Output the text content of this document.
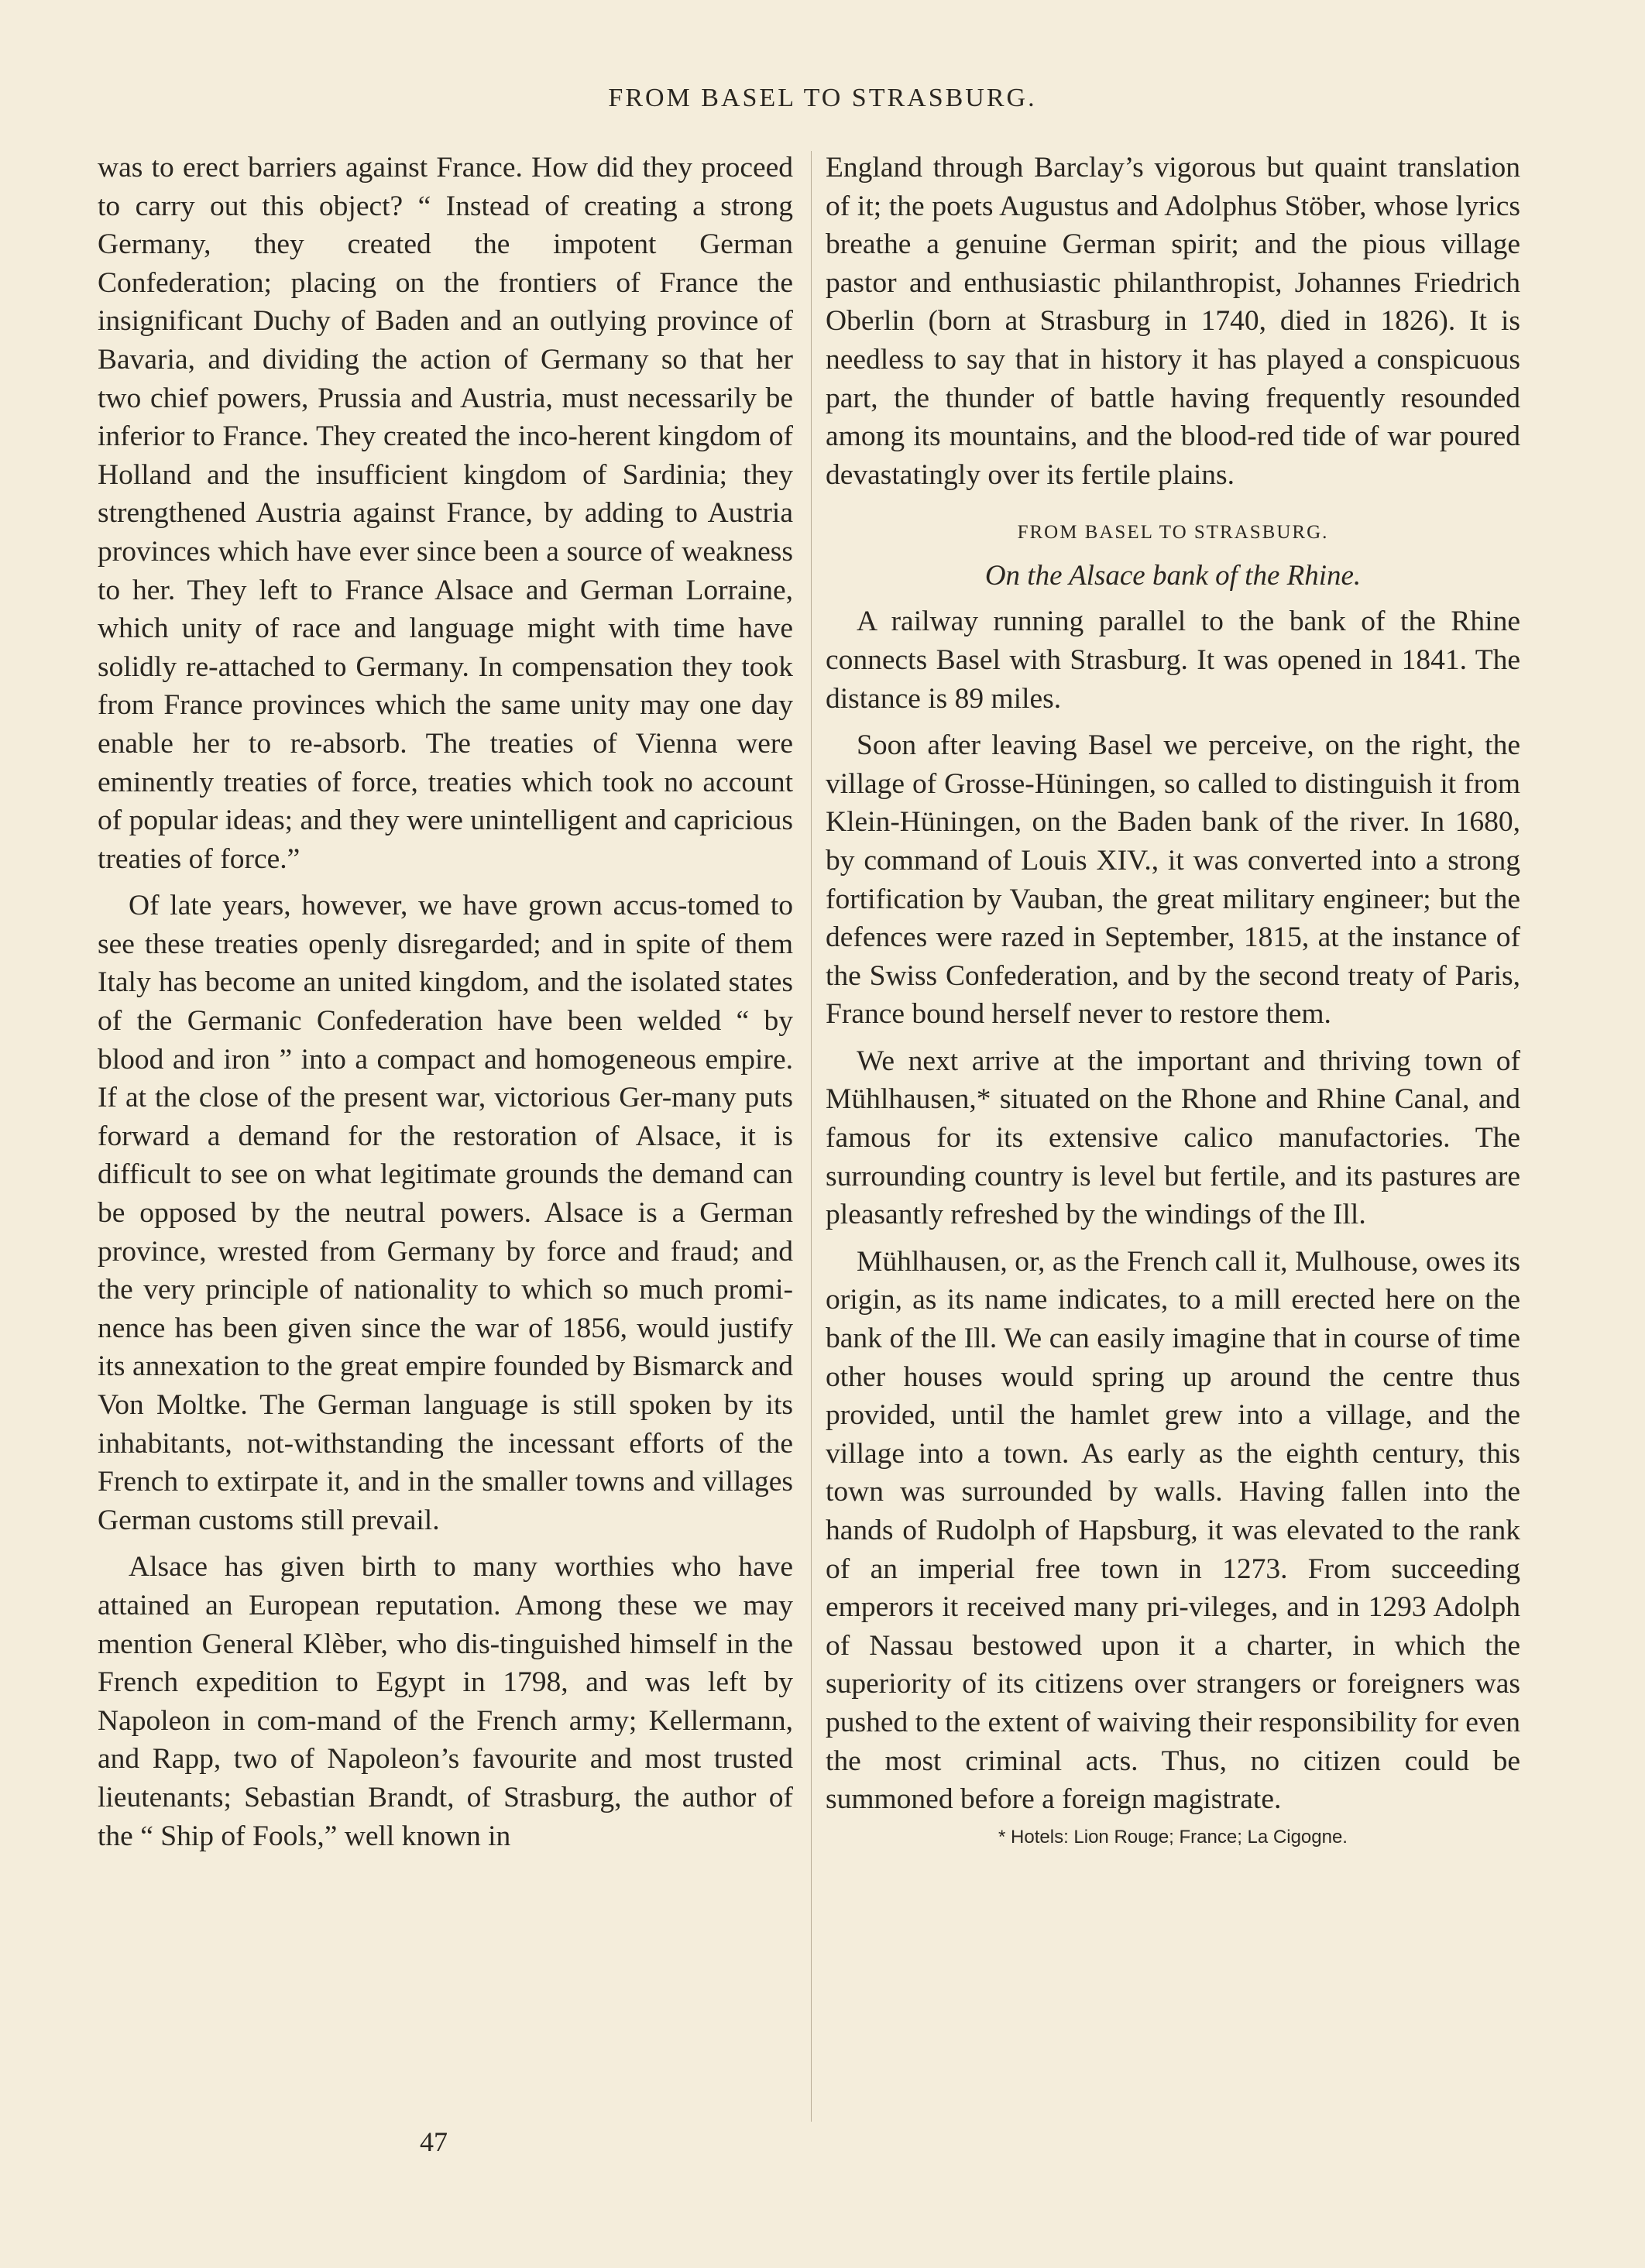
FROM BASEL TO STRASBURG.

was to erect barriers against France. How did they proceed to carry out this object? “ Instead of creating a strong Germany, they created the impotent German Confederation; placing on the frontiers of France the insignificant Duchy of Baden and an outlying province of Bavaria, and dividing the action of Germany so that her two chief powers, Prussia and Austria, must necessarily be inferior to France. They created the inco-herent kingdom of Holland and the insufficient kingdom of Sardinia; they strengthened Austria against France, by adding to Austria provinces which have ever since been a source of weakness to her. They left to France Alsace and German Lorraine, which unity of race and language might with time have solidly re-attached to Germany. In compensation they took from France provinces which the same unity may one day enable her to re-absorb. The treaties of Vienna were eminently treaties of force, treaties which took no account of popular ideas; and they were unintelligent and capricious treaties of force.”

Of late years, however, we have grown accus-tomed to see these treaties openly disregarded; and in spite of them Italy has become an united kingdom, and the isolated states of the Germanic Confederation have been welded “ by blood and iron ” into a compact and homogeneous empire. If at the close of the present war, victorious Ger-many puts forward a demand for the restoration of Alsace, it is difficult to see on what legitimate grounds the demand can be opposed by the neutral powers. Alsace is a German province, wrested from Germany by force and fraud; and the very principle of nationality to which so much promi-nence has been given since the war of 1856, would justify its annexation to the great empire founded by Bismarck and Von Moltke. The German language is still spoken by its inhabitants, not-withstanding the incessant efforts of the French to extirpate it, and in the smaller towns and villages German customs still prevail.

Alsace has given birth to many worthies who have attained an European reputation. Among these we may mention General Klèber, who dis-tinguished himself in the French expedition to Egypt in 1798, and was left by Napoleon in com-mand of the French army; Kellermann, and Rapp, two of Napoleon’s favourite and most trusted lieutenants; Sebastian Brandt, of Strasburg, the author of the “ Ship of Fools,” well known in

England through Barclay’s vigorous but quaint translation of it; the poets Augustus and Adolphus Stöber, whose lyrics breathe a genuine German spirit; and the pious village pastor and enthusiastic philanthropist, Johannes Friedrich Oberlin (born at Strasburg in 1740, died in 1826). It is needless to say that in history it has played a conspicuous part, the thunder of battle having frequently resounded among its mountains, and the blood-red tide of war poured devastatingly over its fertile plains.

FROM BASEL TO STRASBURG.
On the Alsace bank of the Rhine.

A railway running parallel to the bank of the Rhine connects Basel with Strasburg. It was opened in 1841. The distance is 89 miles.

Soon after leaving Basel we perceive, on the right, the village of Grosse-Hüningen, so called to distinguish it from Klein-Hüningen, on the Baden bank of the river. In 1680, by command of Louis XIV., it was converted into a strong fortification by Vauban, the great military engineer; but the defences were razed in September, 1815, at the instance of the Swiss Confederation, and by the second treaty of Paris, France bound herself never to restore them.

We next arrive at the important and thriving town of Mühlhausen,* situated on the Rhone and Rhine Canal, and famous for its extensive calico manufactories. The surrounding country is level but fertile, and its pastures are pleasantly refreshed by the windings of the Ill.

Mühlhausen, or, as the French call it, Mulhouse, owes its origin, as its name indicates, to a mill erected here on the bank of the Ill. We can easily imagine that in course of time other houses would spring up around the centre thus provided, until the hamlet grew into a village, and the village into a town. As early as the eighth century, this town was surrounded by walls. Having fallen into the hands of Rudolph of Hapsburg, it was elevated to the rank of an imperial free town in 1273. From succeeding emperors it received many pri-vileges, and in 1293 Adolph of Nassau bestowed upon it a charter, in which the superiority of its citizens over strangers or foreigners was pushed to the extent of waiving their responsibility for even the most criminal acts. Thus, no citizen could be summoned before a foreign magistrate.

* Hotels: Lion Rouge; France; La Cigogne.
47
